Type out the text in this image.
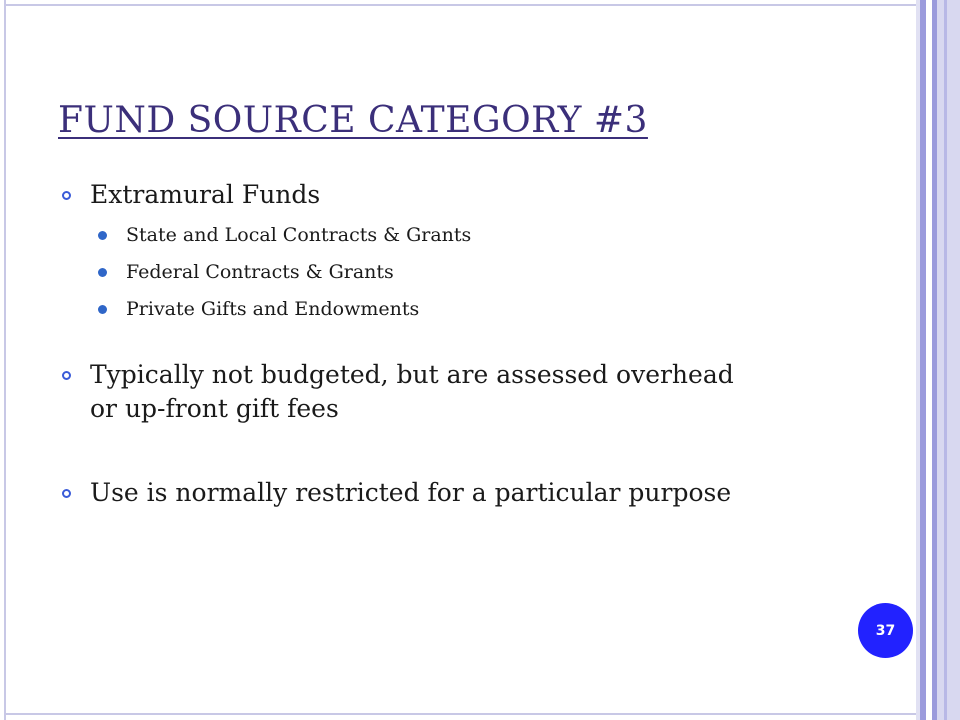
FUND SOURCE CATEGORY #3
Extramural Funds
State and Local Contracts & Grants
Federal Contracts & Grants
Private Gifts and Endowments
Typically not budgeted, but are assessed overhead or up-front gift fees
Use is normally restricted for a particular purpose
37
